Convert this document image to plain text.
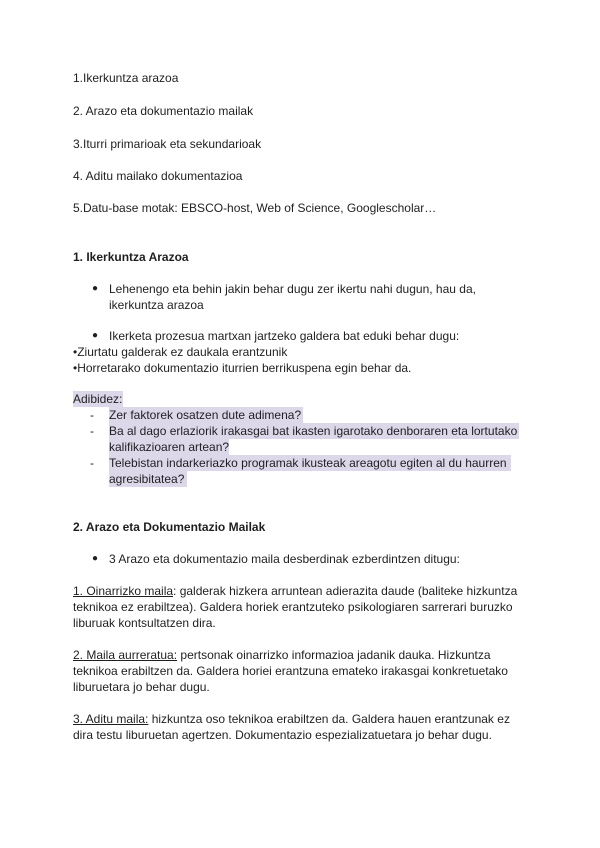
1.Ikerkuntza arazoa
2. Arazo eta dokumentazio mailak
3.Iturri primarioak eta sekundarioak
4. Aditu mailako dokumentazioa
5.Datu-base motak: EBSCO-host, Web of Science, Googlescholar…
1. Ikerkuntza Arazoa
● Lehenengo eta behin jakin behar dugu zer ikertu nahi dugun, hau da,
ikerkuntza arazoa
● Ikerketa prozesua martxan jartzeko galdera bat eduki behar dugu:
•Ziurtatu galderak ez daukala erantzunik
•Horretarako dokumentazio iturrien berrikuspena egin behar da.
Adibidez:
- Zer faktorek osatzen dute adimena?
- Ba al dago erlaziorik irakasgai bat ikasten igarotako denboraren eta lortutako
kalifikazioaren artean?
- Telebistan indarkeriazko programak ikusteak areagotu egiten al du haurren
agresibitatea?
2. Arazo eta Dokumentazio Mailak
● 3 Arazo eta dokumentazio maila desberdinak ezberdintzen ditugu:
1. Oinarrizko maila: galderak hizkera arruntean adierazita daude (baliteke hizkuntza
teknikoa ez erabiltzea). Galdera horiek erantzuteko psikologiaren sarrerari buruzko
liburuak kontsultatzen dira.
2. Maila aurreratua: pertsonak oinarrizko informazioa jadanik dauka. Hizkuntza
teknikoa erabiltzen da. Galdera horiei erantzuna emateko irakasgai konkretuetako
liburuetara jo behar dugu.
3. Aditu maila: hizkuntza oso teknikoa erabiltzen da. Galdera hauen erantzunak ez
dira testu liburuetan agertzen. Dokumentazio espezializatuetara jo behar dugu.
